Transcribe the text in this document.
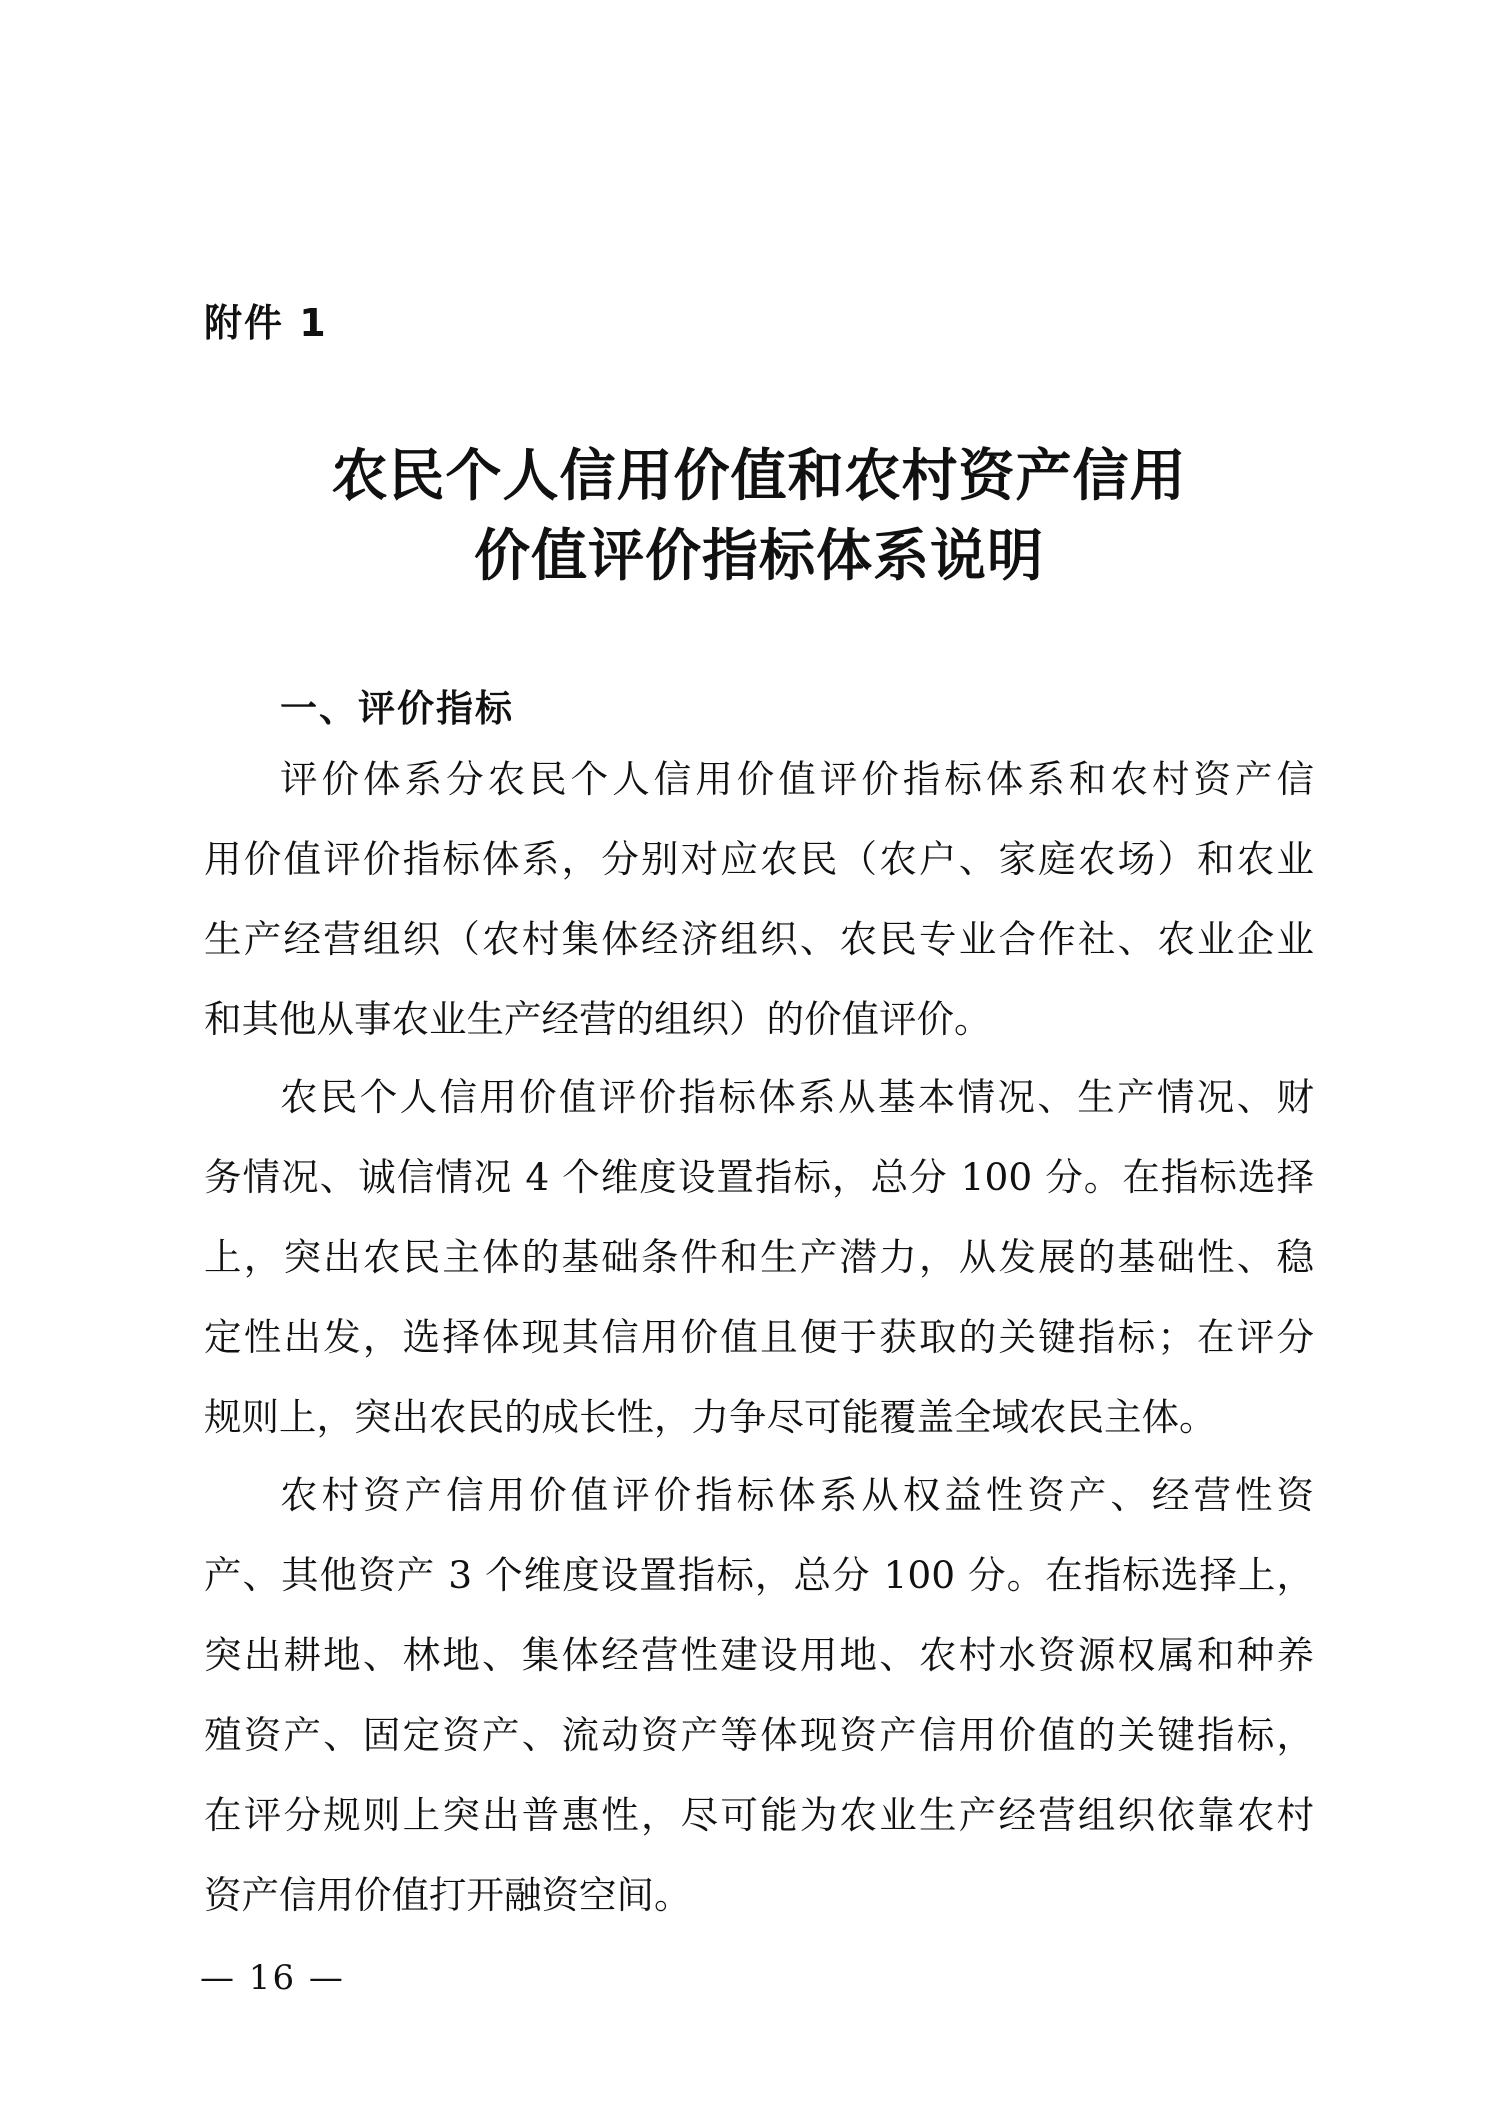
附件 1
农民个人信用价值和农村资产信用
价值评价指标体系说明
一、评价指标
评价体系分农民个人信用价值评价指标体系和农村资产信
用价值评价指标体系，分别对应农民（农户、家庭农场）和农业
生产经营组织（农村集体经济组织、农民专业合作社、农业企业
和其他从事农业生产经营的组织）的价值评价。
农民个人信用价值评价指标体系从基本情况、生产情况、财
务情况、诚信情况 4 个维度设置指标，总分 100 分。在指标选择
上，突出农民主体的基础条件和生产潜力，从发展的基础性、稳
定性出发，选择体现其信用价值且便于获取的关键指标；在评分
规则上，突出农民的成长性，力争尽可能覆盖全域农民主体。
农村资产信用价值评价指标体系从权益性资产、经营性资
产、其他资产 3 个维度设置指标，总分 100 分。在指标选择上，
突出耕地、林地、集体经营性建设用地、农村水资源权属和种养
殖资产、固定资产、流动资产等体现资产信用价值的关键指标，
在评分规则上突出普惠性，尽可能为农业生产经营组织依靠农村
资产信用价值打开融资空间。
— 16 —
